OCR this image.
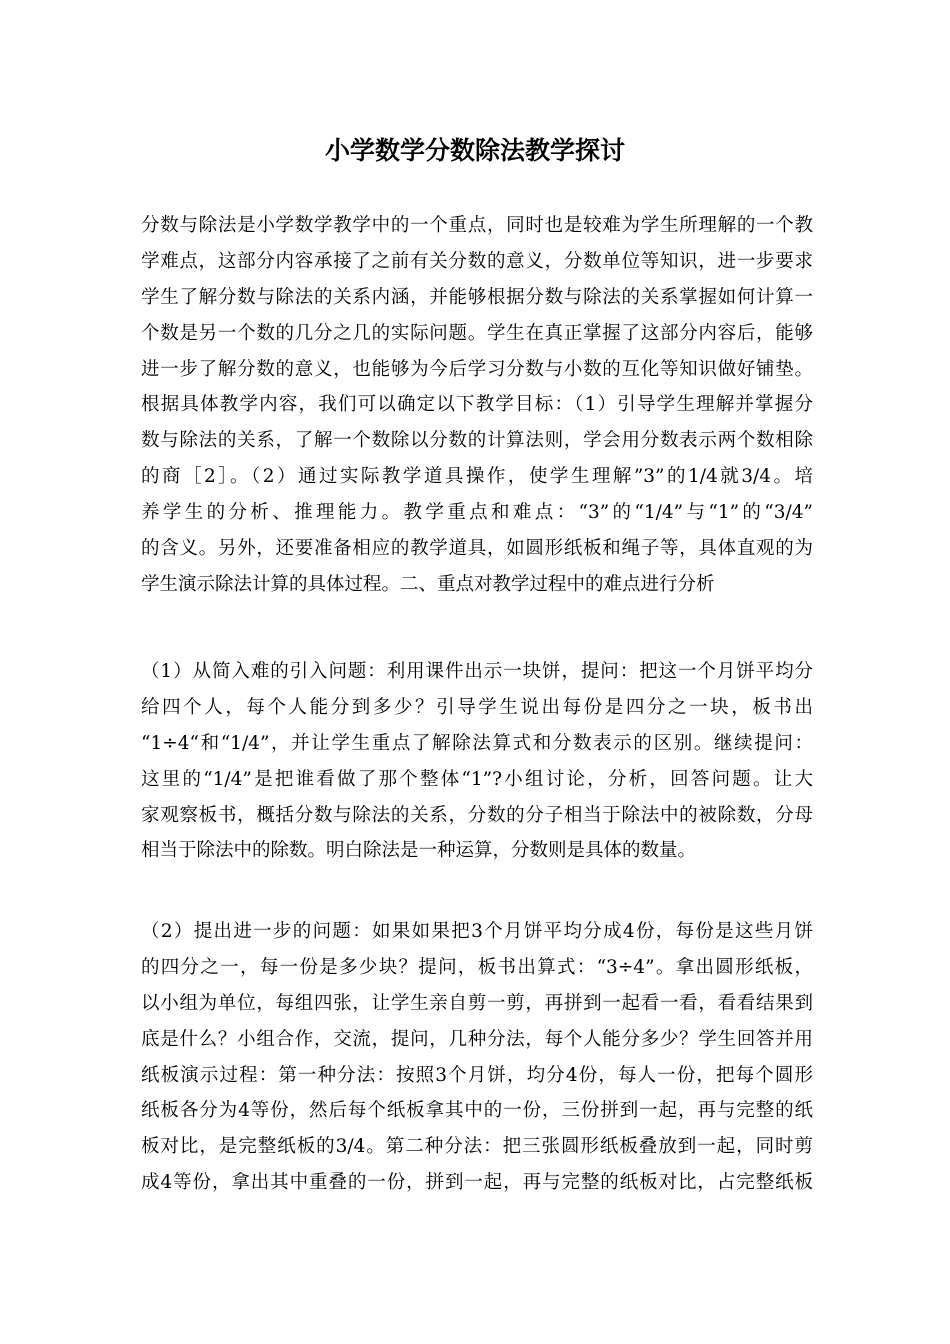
小学数学分数除法教学探讨
分数与除法是小学数学教学中的一个重点，同时也是较难为学生所理解的一个教
学难点，这部分内容承接了之前有关分数的意义，分数单位等知识，进一步要求
学生了解分数与除法的关系内涵，并能够根据分数与除法的关系掌握如何计算一
个数是另一个数的几分之几的实际问题。学生在真正掌握了这部分内容后，能够
进一步了解分数的意义，也能够为今后学习分数与小数的互化等知识做好铺垫。
根据具体教学内容，我们可以确定以下教学目标：（1）引导学生理解并掌握分
数与除法的关系，了解一个数除以分数的计算法则，学会用分数表示两个数相除
的商［2］。（2）通过实际教学道具操作，使学生理解”3”的1/4就3/4。培
养学生的分析、推理能力。教学重点和难点：“3”的“1/4”与“1”的“3/4”
的含义。另外，还要准备相应的教学道具，如圆形纸板和绳子等，具体直观的为
学生演示除法计算的具体过程。二、重点对教学过程中的难点进行分析
（1）从简入难的引入问题：利用课件出示一块饼，提问：把这一个月饼平均分
给四个人，每个人能分到多少？引导学生说出每份是四分之一块，板书出
“1÷4“和“1/4”，并让学生重点了解除法算式和分数表示的区别。继续提问：
这里的“1/4”是把谁看做了那个整体“1”?小组讨论，分析，回答问题。让大
家观察板书，概括分数与除法的关系，分数的分子相当于除法中的被除数，分母
相当于除法中的除数。明白除法是一种运算，分数则是具体的数量。
（2）提出进一步的问题：如果如果把3个月饼平均分成4份，每份是这些月饼
的四分之一，每一份是多少块？提问，板书出算式：“3÷4”。拿出圆形纸板，
以小组为单位，每组四张，让学生亲自剪一剪，再拼到一起看一看，看看结果到
底是什么？小组合作，交流，提问，几种分法，每个人能分多少？学生回答并用
纸板演示过程：第一种分法：按照3个月饼，均分4份，每人一份，把每个圆形
纸板各分为4等份，然后每个纸板拿其中的一份，三份拼到一起，再与完整的纸
板对比，是完整纸板的3/4。第二种分法：把三张圆形纸板叠放到一起，同时剪
成4等份，拿出其中重叠的一份，拼到一起，再与完整的纸板对比，占完整纸板
